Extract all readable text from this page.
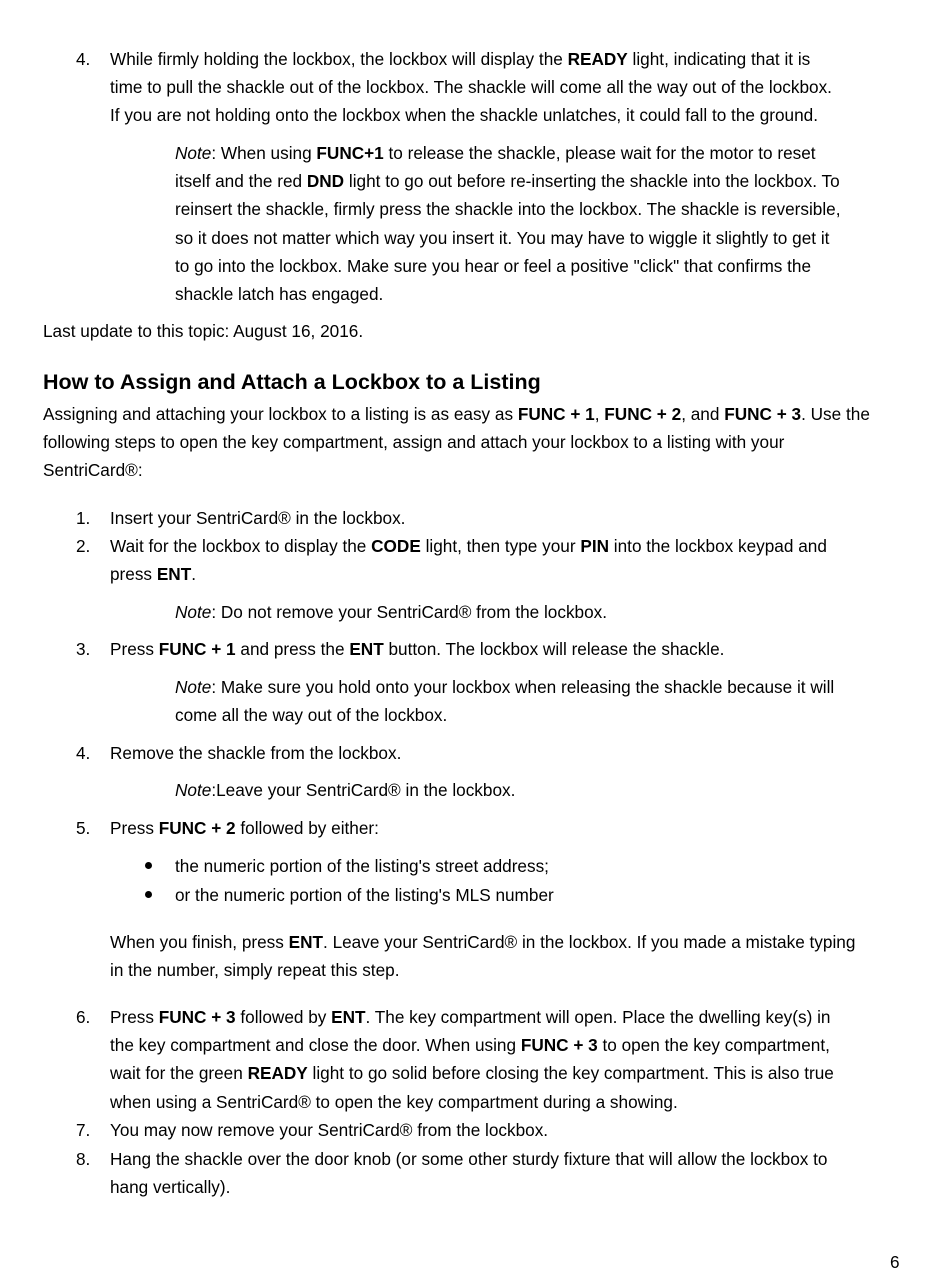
4. While firmly holding the lockbox, the lockbox will display the READY light, indicating that it is
time to pull the shackle out of the lockbox. The shackle will come all the way out of the lockbox.
If you are not holding onto the lockbox when the shackle unlatches, it could fall to the ground.
Note: When using FUNC+1 to release the shackle, please wait for the motor to reset
itself and the red DND light to go out before re-inserting the shackle into the lockbox. To
reinsert the shackle, firmly press the shackle into the lockbox. The shackle is reversible,
so it does not matter which way you insert it. You may have to wiggle it slightly to get it
to go into the lockbox. Make sure you hear or feel a positive "click" that confirms the
shackle latch has engaged.
Last update to this topic: August 16, 2016.
How to Assign and Attach a Lockbox to a Listing
Assigning and attaching your lockbox to a listing is as easy as FUNC + 1, FUNC + 2, and FUNC + 3. Use the
following steps to open the key compartment, assign and attach your lockbox to a listing with your
SentriCard®:
1. Insert your SentriCard® in the lockbox.
2. Wait for the lockbox to display the CODE light, then type your PIN into the lockbox keypad and
press ENT.
Note: Do not remove your SentriCard® from the lockbox.
3. Press FUNC + 1 and press the ENT button. The lockbox will release the shackle.
Note: Make sure you hold onto your lockbox when releasing the shackle because it will
come all the way out of the lockbox.
4. Remove the shackle from the lockbox.
Note:Leave your SentriCard® in the lockbox.
5. Press FUNC + 2 followed by either:
the numeric portion of the listing's street address;
or the numeric portion of the listing's MLS number
When you finish, press ENT. Leave your SentriCard® in the lockbox. If you made a mistake typing
in the number, simply repeat this step.
6. Press FUNC + 3 followed by ENT. The key compartment will open. Place the dwelling key(s) in
the key compartment and close the door. When using FUNC + 3 to open the key compartment,
wait for the green READY light to go solid before closing the key compartment. This is also true
when using a SentriCard® to open the key compartment during a showing.
7. You may now remove your SentriCard® from the lockbox.
8. Hang the shackle over the door knob (or some other sturdy fixture that will allow the lockbox to
hang vertically).
6
